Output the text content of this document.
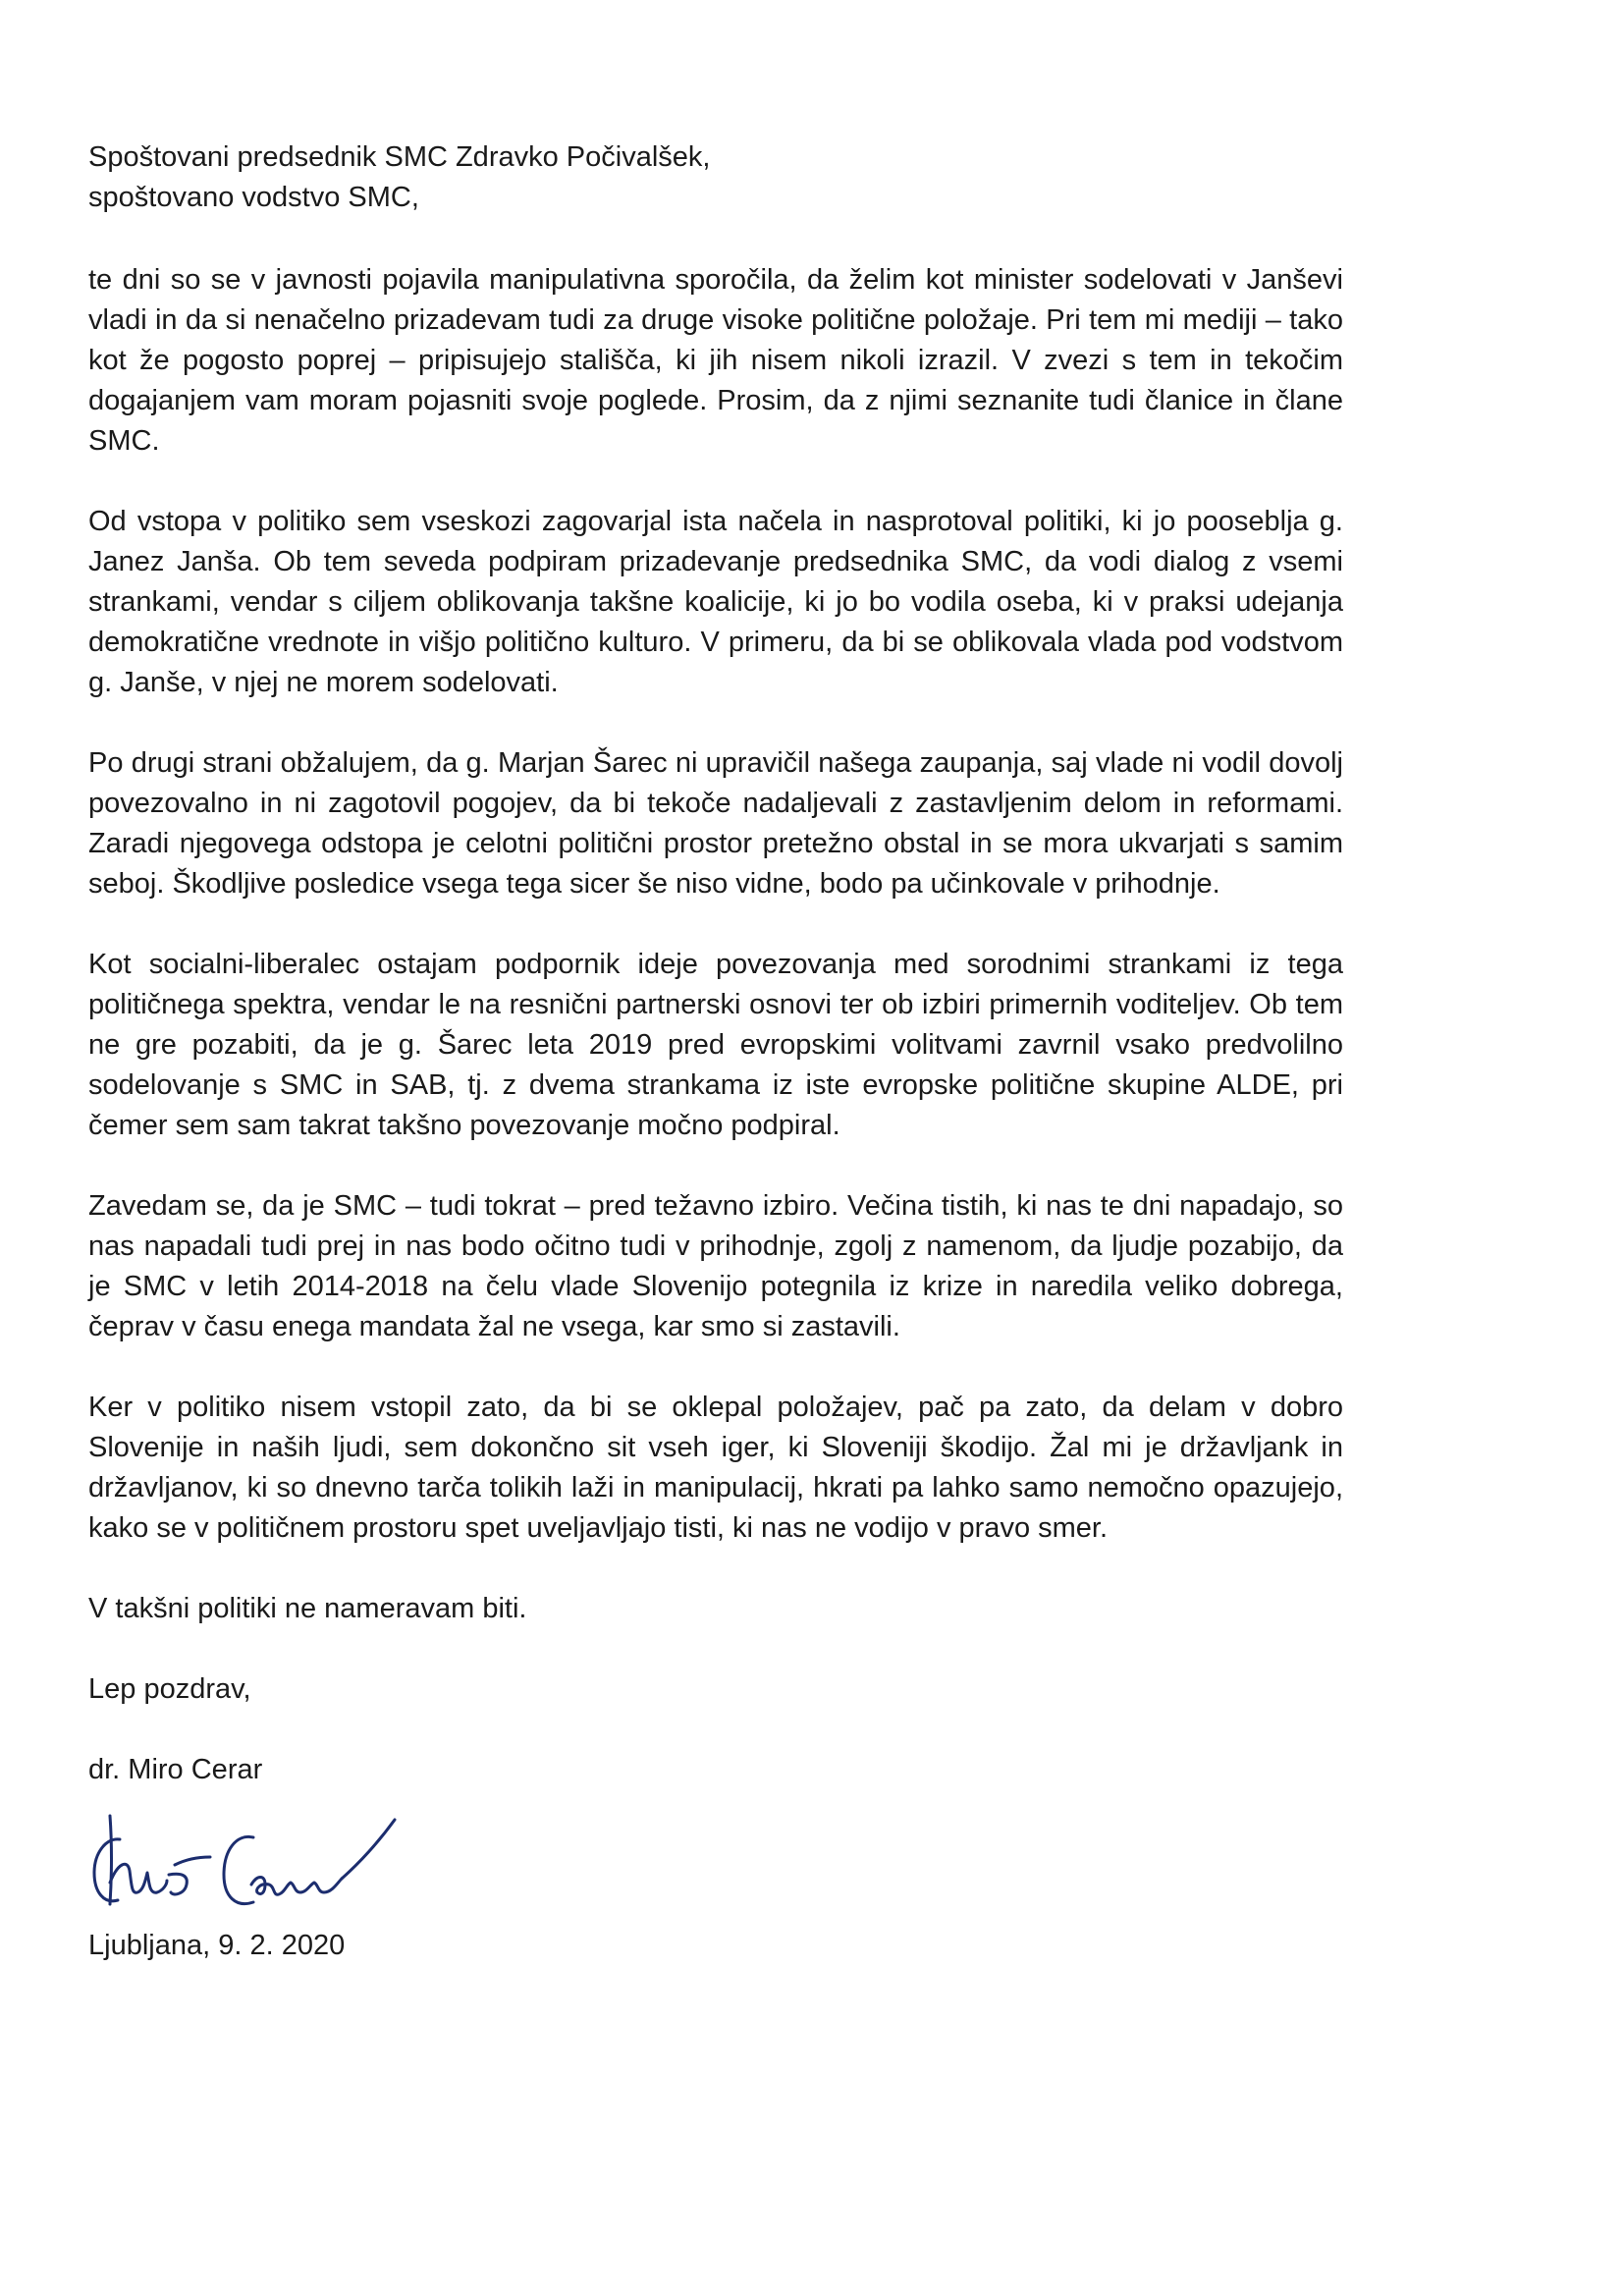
Spoštovani predsednik SMC Zdravko Počivalšek,
spoštovano vodstvo SMC,

te dni so se v javnosti pojavila manipulativna sporočila, da želim kot minister sodelovati v Janševi vladi in da si nenačelno prizadevam tudi za druge visoke politične položaje. Pri tem mi mediji – tako kot že pogosto poprej – pripisujejo stališča, ki jih nisem nikoli izrazil. V zvezi s tem in tekočim dogajanjem vam moram pojasniti svoje poglede. Prosim, da z njimi seznanite tudi članice in člane SMC.

Od vstopa v politiko sem vseskozi zagovarjal ista načela in nasprotoval politiki, ki jo pooseblja g. Janez Janša. Ob tem seveda podpiram prizadevanje predsednika SMC, da vodi dialog z vsemi strankami, vendar s ciljem oblikovanja takšne koalicije, ki jo bo vodila oseba, ki v praksi udejanja demokratične vrednote in višjo politično kulturo. V primeru, da bi se oblikovala vlada pod vodstvom g. Janše, v njej ne morem sodelovati.

Po drugi strani obžalujem, da g. Marjan Šarec ni upravičil našega zaupanja, saj vlade ni vodil dovolj povezovalno in ni zagotovil pogojev, da bi tekoče nadaljevali z zastavljenim delom in reformami. Zaradi njegovega odstopa je celotni politični prostor pretežno obstal in se mora ukvarjati s samim seboj. Škodljive posledice vsega tega sicer še niso vidne, bodo pa učinkovale v prihodnje.

Kot socialni-liberalec ostajam podpornik ideje povezovanja med sorodnimi strankami iz tega političnega spektra, vendar le na resnični partnerski osnovi ter ob izbiri primernih voditeljev. Ob tem ne gre pozabiti, da je g. Šarec leta 2019 pred evropskimi volitvami zavrnil vsako predvolilno sodelovanje s SMC in SAB, tj. z dvema strankama iz iste evropske politične skupine ALDE, pri čemer sem sam takrat takšno povezovanje močno podpiral.

Zavedam se, da je SMC – tudi tokrat – pred težavno izbiro. Večina tistih, ki nas te dni napadajo, so nas napadali tudi prej in nas bodo očitno tudi v prihodnje, zgolj z namenom, da ljudje pozabijo, da je SMC v letih 2014-2018 na čelu vlade Slovenijo potegnila iz krize in naredila veliko dobrega, čeprav v času enega mandata žal ne vsega, kar smo si zastavili.

Ker v politiko nisem vstopil zato, da bi se oklepal položajev, pač pa zato, da delam v dobro Slovenije in naših ljudi, sem dokončno sit vseh iger, ki Sloveniji škodijo. Žal mi je državljank in državljanov, ki so dnevno tarča tolikih laži in manipulacij, hkrati pa lahko samo nemočno opazujejo, kako se v političnem prostoru spet uveljavljajo tisti, ki nas ne vodijo v pravo smer.

V takšni politiki ne nameravam biti.

Lep pozdrav,

dr. Miro Cerar

Ljubljana, 9. 2. 2020
